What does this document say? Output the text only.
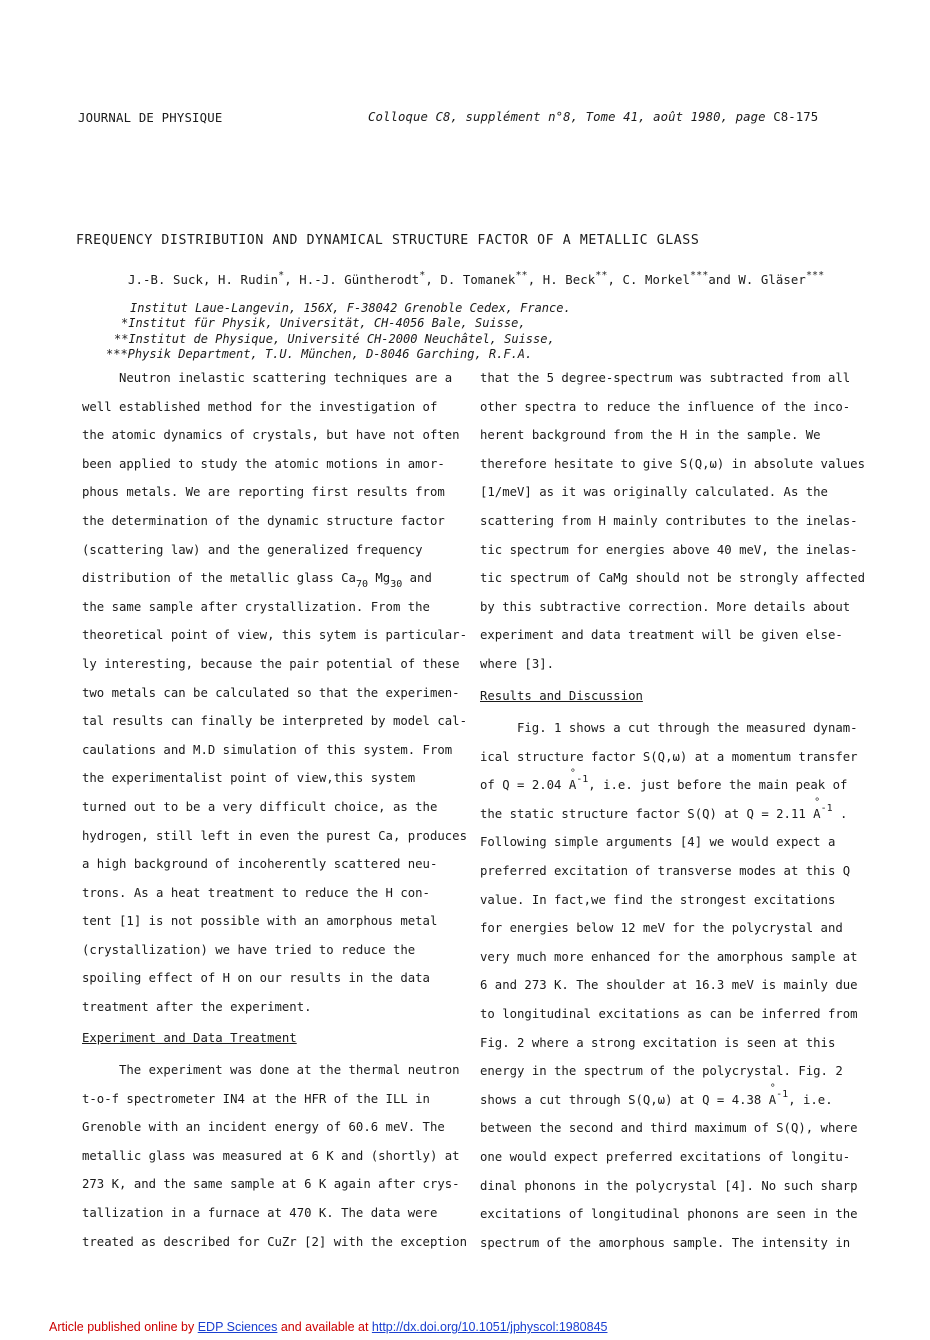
JOURNAL DE PHYSIQUE	Colloque C8, supplément n°8, Tome 41, août 1980, page C8-175
FREQUENCY DISTRIBUTION AND DYNAMICAL STRUCTURE FACTOR OF A METALLIC GLASS
J.-B. Suck, H. Rudin*, H.-J. Güntherodt*, D. Tomanek**, H. Beck**, C. Morkel***and W. Gläser***
Institut Laue-Langevin, 156X, F-38042 Grenoble Cedex, France.
*Institut für Physik, Universität, CH-4056 Bale, Suisse,
**Institut de Physique, Université CH-2000 Neuchâtel, Suisse,
***Physik Department, T.U. München, D-8046 Garching, R.F.A.

Neutron inelastic scattering techniques are a

well established method for the investigation of

the atomic dynamics of crystals, but have not often

been applied to study the atomic motions in amor-

phous metals. We are reporting first results from

the determination of the dynamic structure factor

(scattering law) and the generalized frequency

distribution of the metallic glass $Ca_{70}$ $Mg_{30}$ and

the same sample after crystallization. From the

theoretical point of view, this sytem is particular-

ly interesting, because the pair potential of these

two metals can be calculated so that the experimen-

tal results can finally be interpreted by model cal-

caulations and M.D simulation of this system. From

the experimentalist point of view,this system

turned out to be a very difficult choice, as the

hydrogen, still left in even the purest Ca, produces

a high background of incoherently scattered neu-

trons. As a heat treatment to reduce the H con-

tent [1] is not possible with an amorphous metal

(crystallization) we have tried to reduce the

spoiling effect of H on our results in the data

treatment after the experiment.

Experiment and Data Treatment

The experiment was done at the thermal neutron

t-o-f spectrometer IN4 at the HFR of the ILL in

Grenoble with an incident energy of 60.6 meV. The

metallic glass was measured at 6 K and (shortly) at

273 K, and the same sample at 6 K again after crys-

tallization in a furnace at 470 K. The data were

treated as described for CuZr [2] with the exception

that the 5 degree-spectrum was subtracted from all

other spectra to reduce the influence of the inco-

herent background from the H in the sample. We

therefore hesitate to give S(Q,ω) in absolute values

[1/meV] as it was originally calculated. As the

scattering from H mainly contributes to the inelas-

tic spectrum for energies above 40 meV, the inelas-

tic spectrum of CaMg should not be strongly affected

by this subtractive correction. More details about

experiment and data treatment will be given else-

where [3].

Results and Discussion

Fig. 1 shows a cut through the measured dynam-

ical structure factor S(Q,ω) at a momentum transfer

of Q = 2.04 ° $A^{-1}$, i.e. just before the main peak of

the static structure factor S(Q) at Q = 2.11 ° $A^{-1}$ .

Following simple arguments [4] we would expect a

preferred excitation of transverse modes at this Q

value. In fact,we find the strongest excitations

for energies below 12 meV for the polycrystal and

very much more enhanced for the amorphous sample at

6 and 273 K. The shoulder at 16.3 meV is mainly due

to longitudinal excitations as can be inferred from

Fig. 2 where a strong excitation is seen at this

energy in the spectrum of the polycrystal. Fig. 2

shows a cut through S(Q,ω) at Q = 4.38 ° $A^{-1}$, i.e.

between the second and third maximum of S(Q), where

one would expect preferred excitations of longitu-

dinal phonons in the polycrystal [4]. No such sharp

excitations of longitudinal phonons are seen in the

spectrum of the amorphous sample. The intensity in

Article published online by EDP Sciences and available at http://dx.doi.org/10.1051/jphyscol:1980845
